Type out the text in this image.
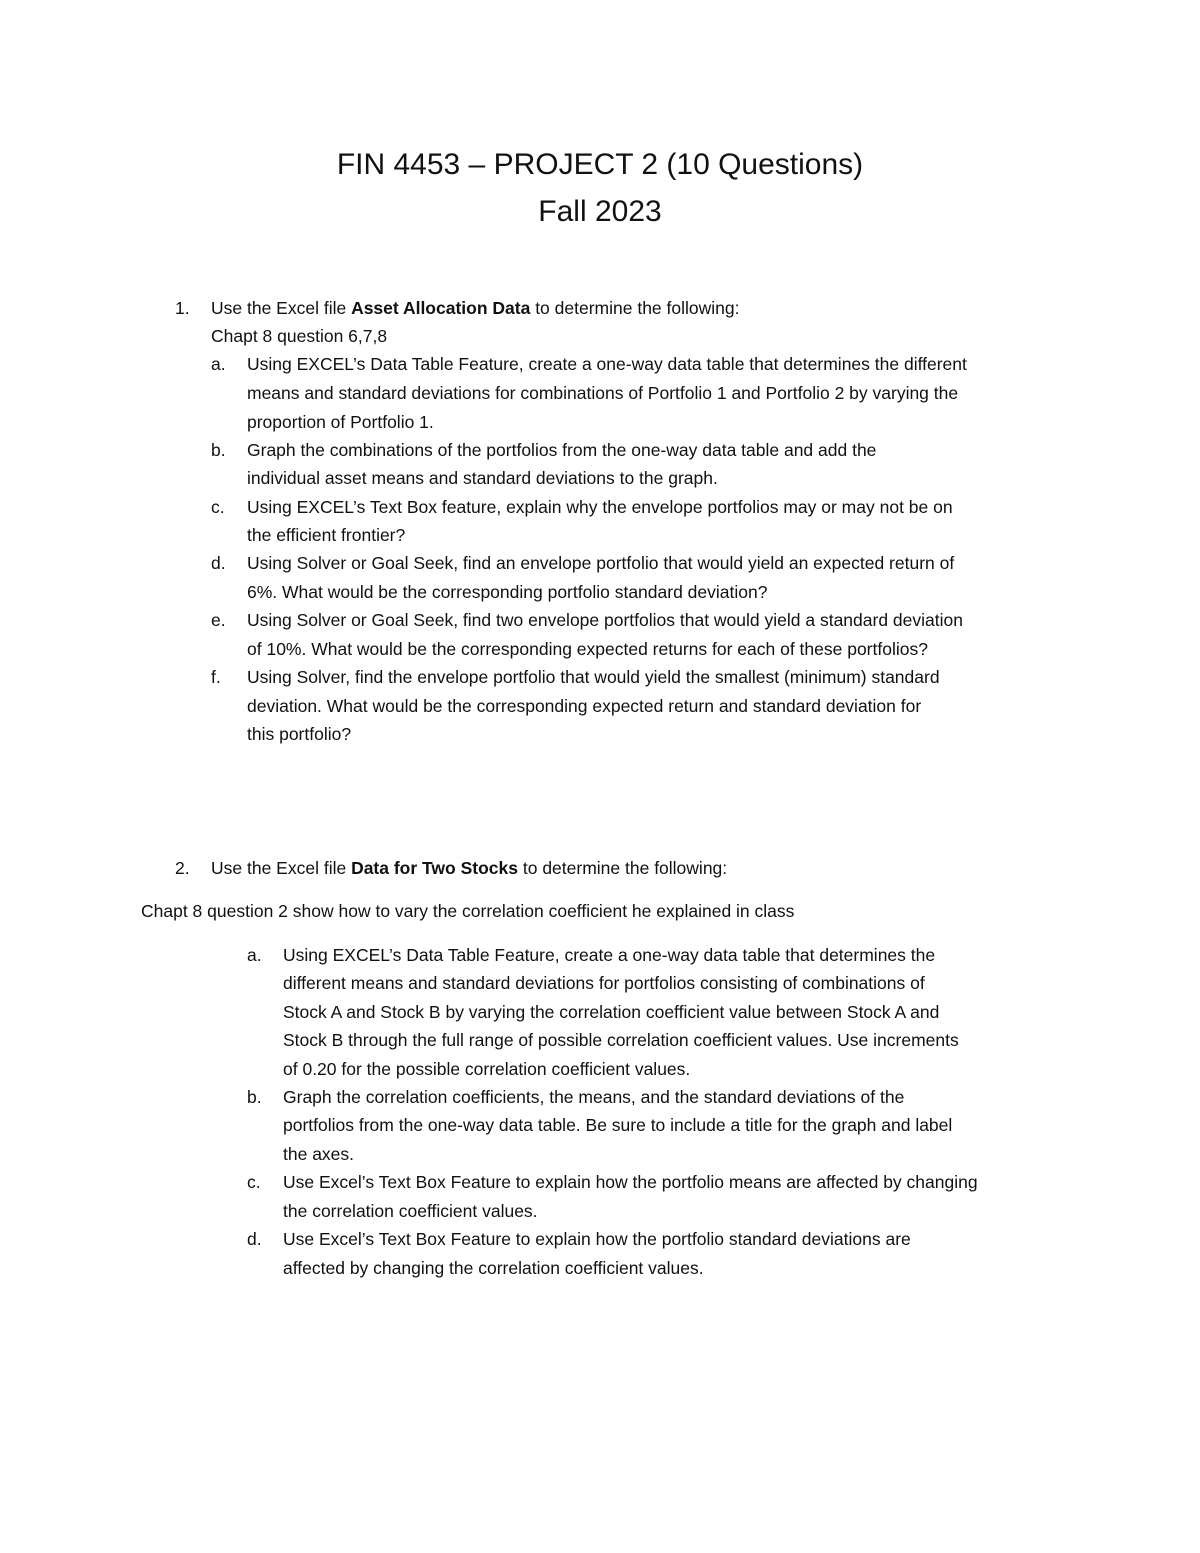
FIN 4453 – PROJECT 2 (10 Questions)
Fall 2023
1. Use the Excel file Asset Allocation Data to determine the following:
Chapt 8 question 6,7,8
a. Using EXCEL’s Data Table Feature, create a one-way data table that determines the different
means and standard deviations for combinations of Portfolio 1 and Portfolio 2 by varying the
proportion of Portfolio 1.
b. Graph the combinations of the portfolios from the one-way data table and add the
individual asset means and standard deviations to the graph.
c. Using EXCEL’s Text Box feature, explain why the envelope portfolios may or may not be on
the efficient frontier?
d. Using Solver or Goal Seek, find an envelope portfolio that would yield an expected return of
6%. What would be the corresponding portfolio standard deviation?
e. Using Solver or Goal Seek, find two envelope portfolios that would yield a standard deviation
of 10%. What would be the corresponding expected returns for each of these portfolios?
f. Using Solver, find the envelope portfolio that would yield the smallest (minimum) standard
deviation. What would be the corresponding expected return and standard deviation for
this portfolio?
2. Use the Excel file Data for Two Stocks to determine the following:
Chapt 8 question 2 show how to vary the correlation coefficient he explained in class
a. Using EXCEL’s Data Table Feature, create a one-way data table that determines the
different means and standard deviations for portfolios consisting of combinations of
Stock A and Stock B by varying the correlation coefficient value between Stock A and
Stock B through the full range of possible correlation coefficient values. Use increments
of 0.20 for the possible correlation coefficient values.
b. Graph the correlation coefficients, the means, and the standard deviations of the
portfolios from the one-way data table. Be sure to include a title for the graph and label
the axes.
c. Use Excel’s Text Box Feature to explain how the portfolio means are affected by changing
the correlation coefficient values.
d. Use Excel’s Text Box Feature to explain how the portfolio standard deviations are
affected by changing the correlation coefficient values.
